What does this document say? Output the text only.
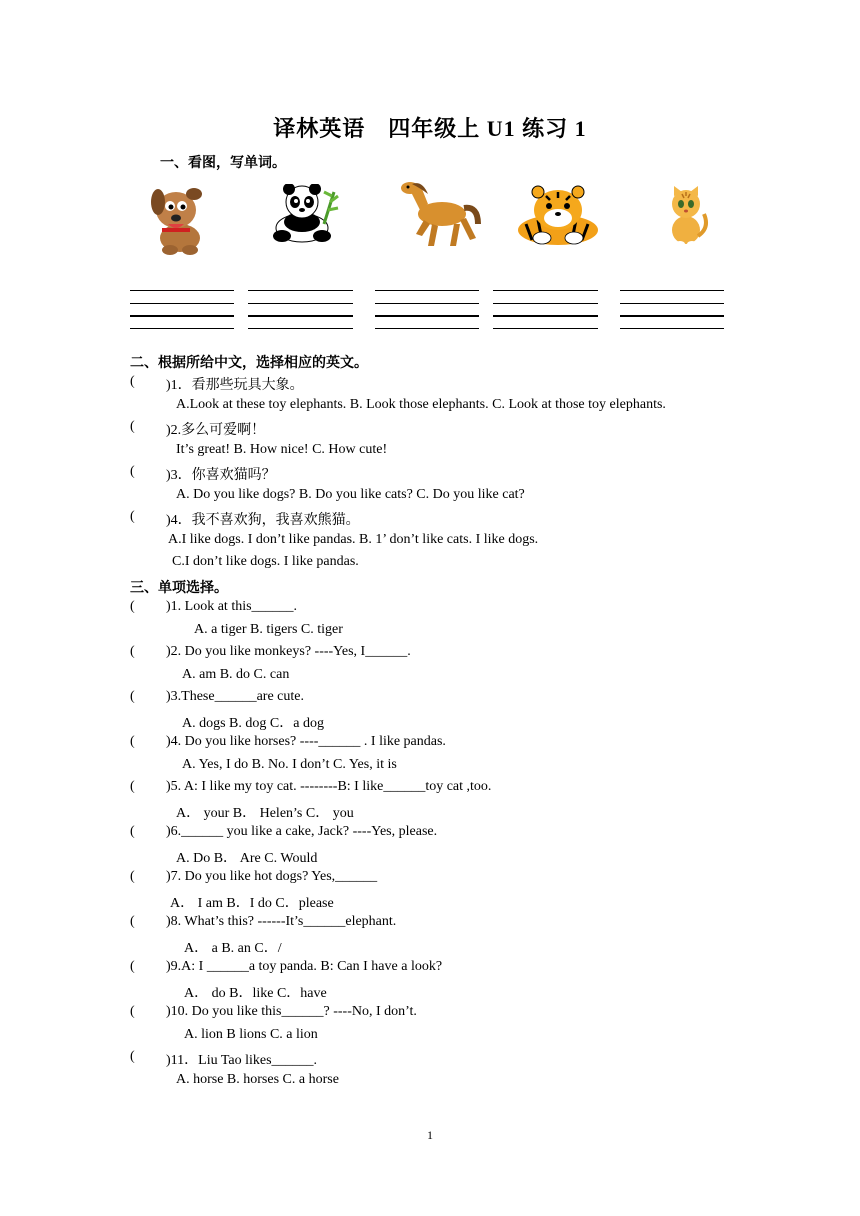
译林英语　四年级上 U1 练习 1
一、看图，写单词。
二、根据所给中文，选择相应的英文。
( )1．看那些玩具大象。
A.Look at these toy elephants. B. Look those elephants. C. Look at those toy elephants.
( )2.多么可爱啊！
It’s great! B. How nice! C. How cute!
( )3．你喜欢猫吗？
A. Do you like dogs? B. Do you like cats? C. Do you like cat?
( )4．我不喜欢狗，我喜欢熊猫。
A.I like dogs. I don’t like pandas. B. 1’ don’t like cats. I like dogs.
C.I don’t like dogs. I like pandas.
三、单项选择。
( )1. Look at this______.
A. a tiger B. tigers C. tiger
( )2. Do you like monkeys? ----Yes, I______.
A. am B. do C. can
( )3.These______are cute.
A. dogs B. dog C．a dog
( )4. Do you like horses? ----______ . I like pandas.
A. Yes, I do B. No. I don’t C. Yes, it is
( )5. A: I like my toy cat. --------B: I like______toy cat ,too.
A． your B． Helen’s C． you
( )6.______ you like a cake, Jack? ----Yes, please.
A. Do B． Are C. Would
( )7. Do you like hot dogs? Yes,______
A． I am B．I do C．please
( )8. What’s this? ------It’s______elephant.
A． a B. an C．/
( )9.A: I ______a toy panda. B: Can I have a look?
A． do B．like C．have
( )10. Do you like this______? ----No, I don’t.
A. lion B lions C. a lion
( )11．Liu Tao likes______.
A. horse B. horses C. a horse
1
